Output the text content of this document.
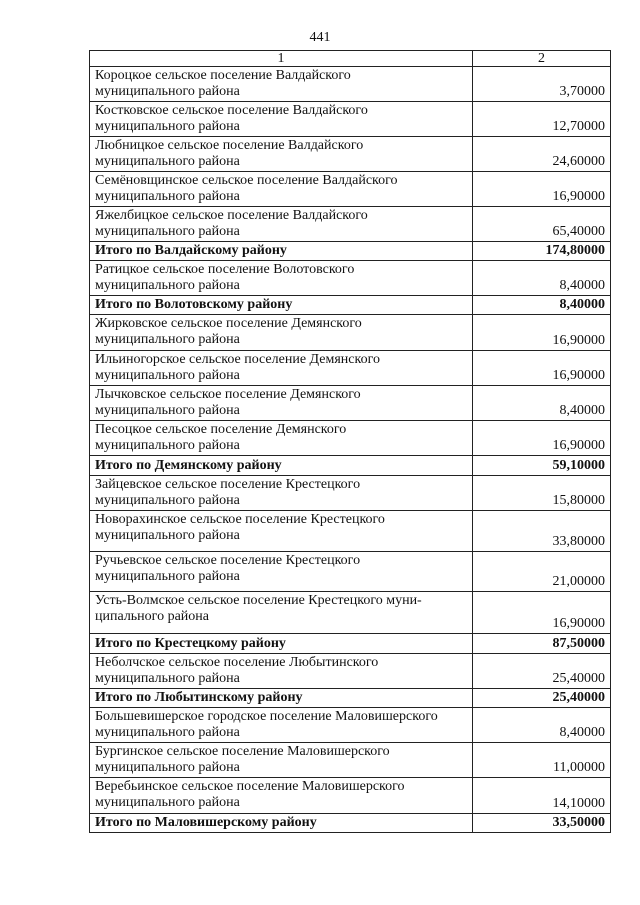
441
1	2
Короцкое сельское поселение Валдайского
муниципального района	3,70000
Костковское сельское поселение Валдайского
муниципального района	12,70000
Любницкое сельское поселение Валдайского
муниципального района	24,60000
Семёновщинское сельское поселение Валдайского
муниципального района	16,90000
Яжелбицкое сельское поселение Валдайского
муниципального района	65,40000
Итого по Валдайскому району	174,80000
Ратицкое сельское поселение Волотовского
муниципального района	8,40000
Итого по Волотовскому району	8,40000
Жирковское сельское поселение Демянского
муниципального района	16,90000
Ильиногорское сельское поселение Демянского
муниципального района	16,90000
Лычковское сельское поселение Демянского
муниципального района	8,40000
Песоцкое сельское поселение Демянского
муниципального района	16,90000
Итого по Демянскому району	59,10000
Зайцевское сельское поселение Крестецкого
муниципального района	15,80000
Новорахинское сельское поселение Крестецкого
муниципального района	33,80000
Ручьевское сельское поселение Крестецкого
муниципального района	21,00000
Усть-Волмское сельское поселение Крестецкого муни-
ципального района	16,90000
Итого по Крестецкому району	87,50000
Неболчское сельское поселение Любытинского
муниципального района	25,40000
Итого по Любытинскому району	25,40000
Большевишерское городское поселение Маловишерского
муниципального района	8,40000
Бургинское сельское поселение Маловишерского
муниципального района	11,00000
Веребьинское сельское поселение Маловишерского
муниципального района	14,10000
Итого по Маловишерскому району	33,50000
